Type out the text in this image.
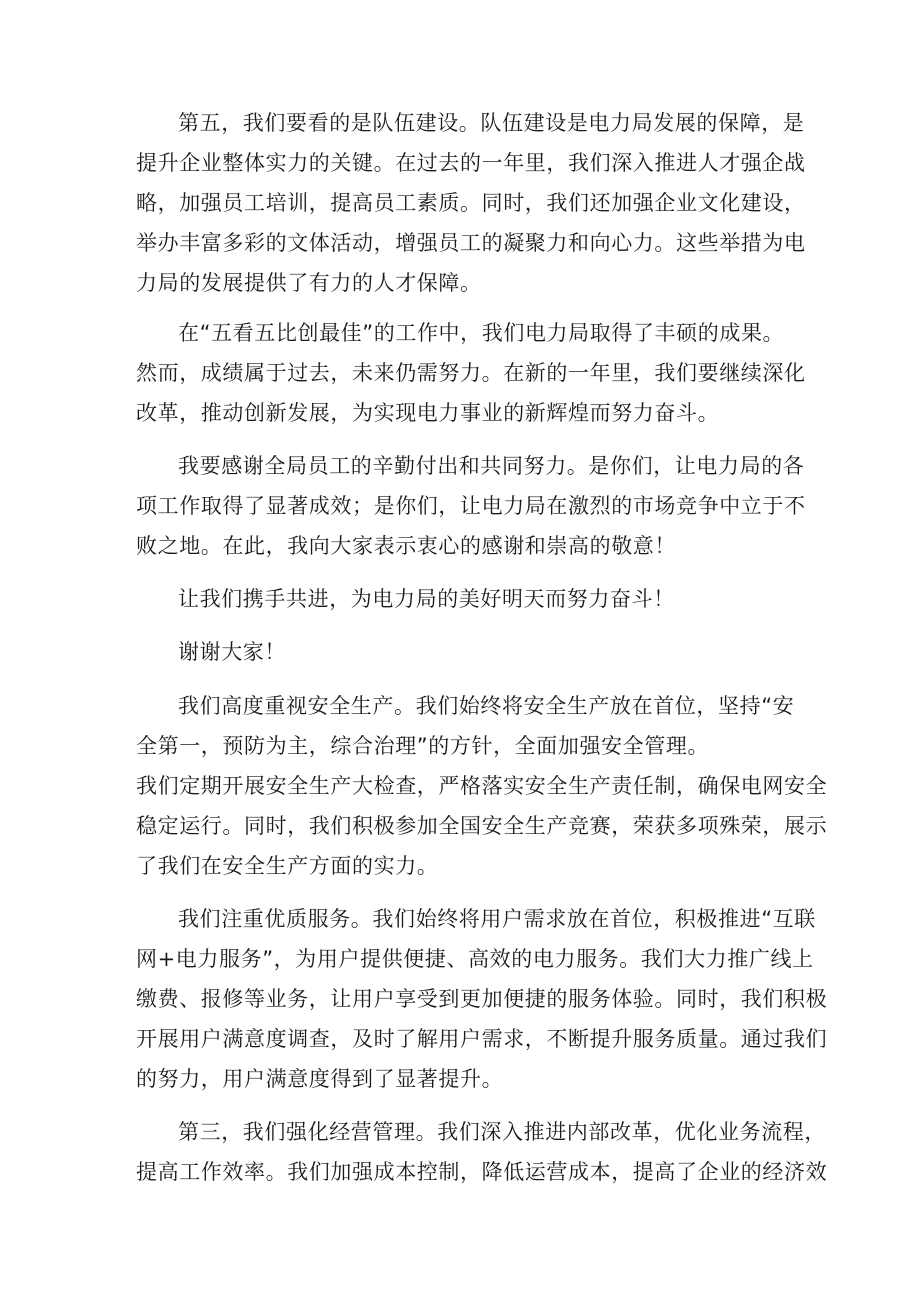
第五，我们要看的是队伍建设。队伍建设是电力局发展的保障，是
提升企业整体实力的关键。在过去的一年里，我们深入推进人才强企战
略，加强员工培训，提高员工素质。同时，我们还加强企业文化建设，
举办丰富多彩的文体活动，增强员工的凝聚力和向心力。这些举措为电
力局的发展提供了有力的人才保障。
在“五看五比创最佳”的工作中，我们电力局取得了丰硕的成果。
然而，成绩属于过去，未来仍需努力。在新的一年里，我们要继续深化
改革，推动创新发展，为实现电力事业的新辉煌而努力奋斗。
我要感谢全局员工的辛勤付出和共同努力。是你们，让电力局的各
项工作取得了显著成效；是你们，让电力局在激烈的市场竞争中立于不
败之地。在此，我向大家表示衷心的感谢和崇高的敬意！
让我们携手共进，为电力局的美好明天而努力奋斗！
谢谢大家！
我们高度重视安全生产。我们始终将安全生产放在首位，坚持“安
全第一，预防为主，综合治理”的方针，全面加强安全管理。
我们定期开展安全生产大检查，严格落实安全生产责任制，确保电网安全
稳定运行。同时，我们积极参加全国安全生产竞赛，荣获多项殊荣，展示
了我们在安全生产方面的实力。
我们注重优质服务。我们始终将用户需求放在首位，积极推进“互联
网+电力服务”，为用户提供便捷、高效的电力服务。我们大力推广线上
缴费、报修等业务，让用户享受到更加便捷的服务体验。同时，我们积极
开展用户满意度调查，及时了解用户需求，不断提升服务质量。通过我们
的努力，用户满意度得到了显著提升。
第三，我们强化经营管理。我们深入推进内部改革，优化业务流程，
提高工作效率。我们加强成本控制，降低运营成本，提高了企业的经济效
